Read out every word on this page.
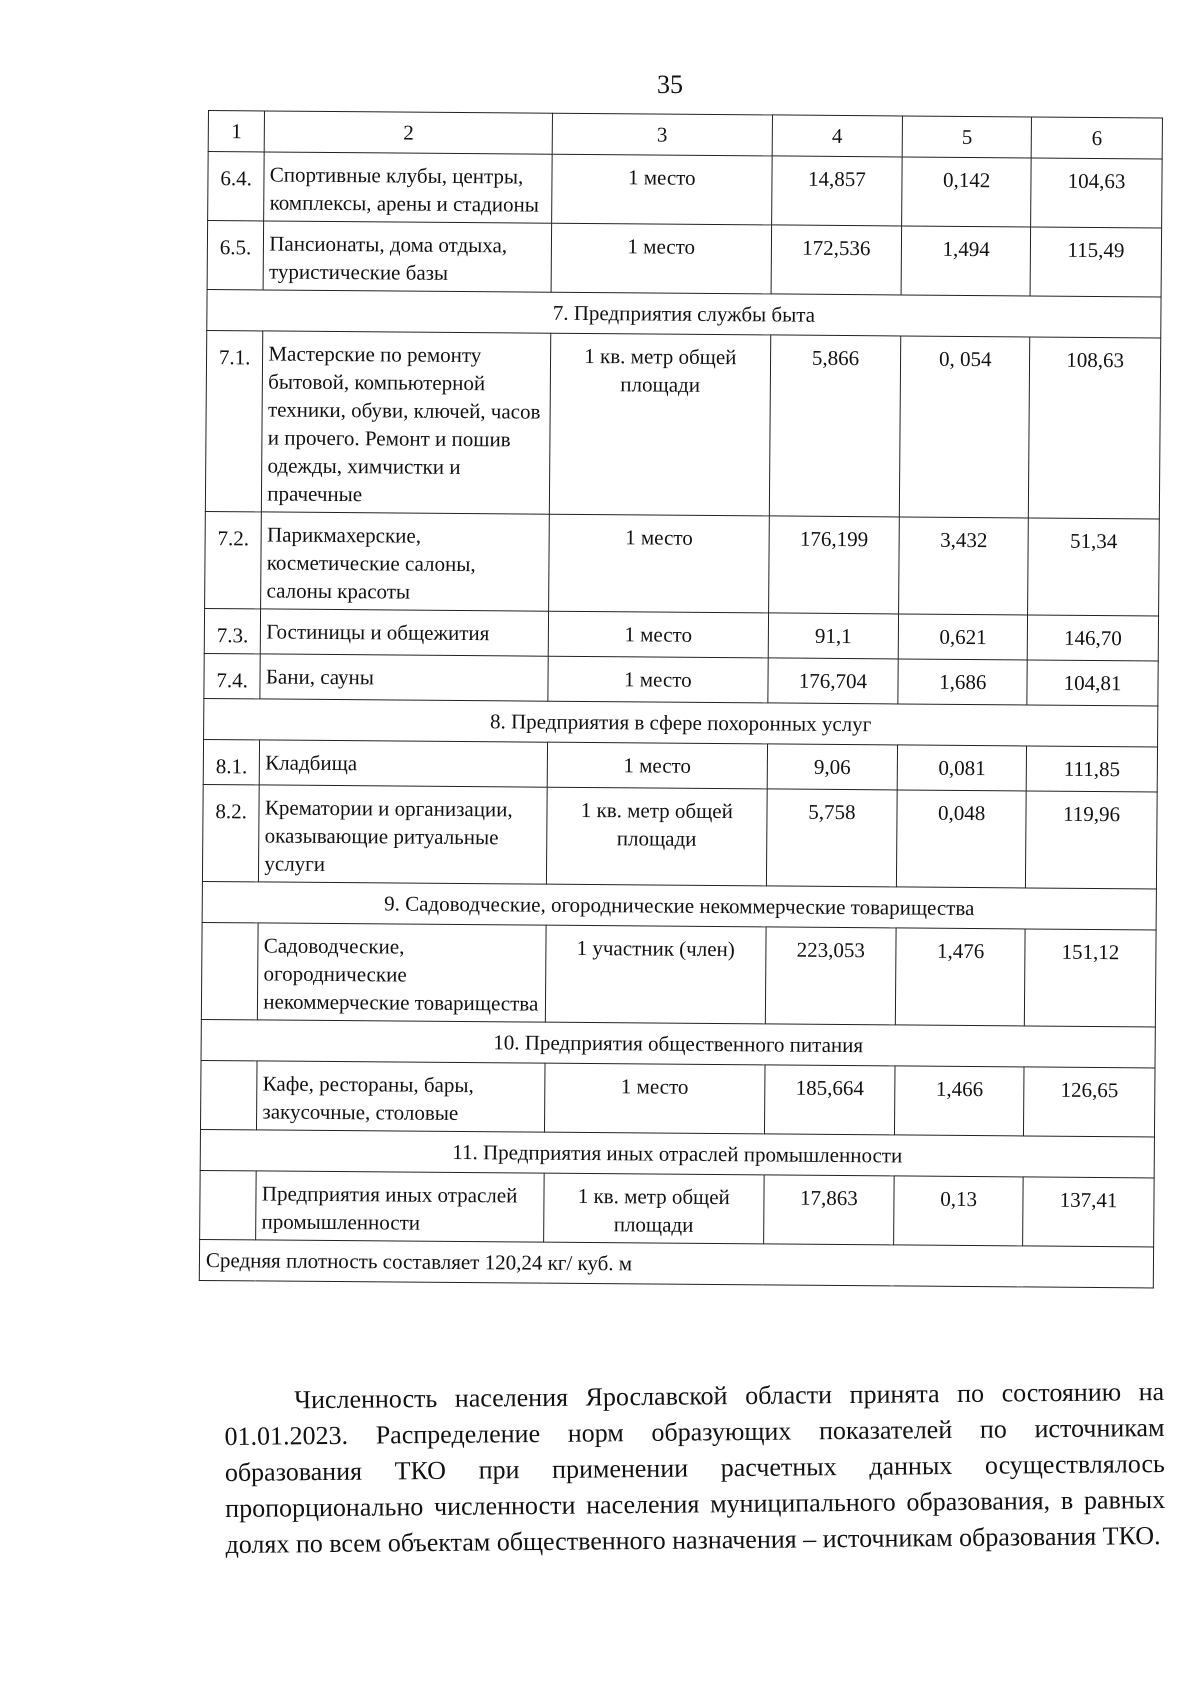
35
1	2	3	4	5	6
6.4.	Спортивные клубы, центры, комплексы, арены и стадионы	1 место	14,857	0,142	104,63
6.5.	Пансионаты, дома отдыха, туристические базы	1 место	172,536	1,494	115,49
7. Предприятия службы быта					
7.1.	Мастерские по ремонту бытовой, компьютерной техники, обуви, ключей, часов и прочего. Ремонт и пошив одежды, химчистки и прачечные	1 кв. метр общей площади	5,866	0, 054	108,63
7.2.	Парикмахерские, косметические салоны, салоны красоты	1 место	176,199	3,432	51,34
7.3.	Гостиницы и общежития	1 место	91,1	0,621	146,70
7.4.	Бани, сауны	1 место	176,704	1,686	104,81
8. Предприятия в сфере похоронных услуг					
8.1.	Кладбища	1 место	9,06	0,081	111,85
8.2.	Крематории и организации, оказывающие ритуальные услуги	1 кв. метр общей площади	5,758	0,048	119,96
9. Садоводческие, огороднические некоммерческие товарищества					
	Садоводческие, огороднические некоммерческие товарищества	1 участник (член)	223,053	1,476	151,12
10. Предприятия общественного питания					
	Кафе, рестораны, бары, закусочные, столовые	1 место	185,664	1,466	126,65
11. Предприятия иных отраслей промышленности					
	Предприятия иных отраслей промышленности	1 кв. метр общей площади	17,863	0,13	137,41
Средняя плотность составляет 120,24 кг/ куб. м					
Численность населения Ярославской области принята по состоянию на 01.01.2023. Распределение норм образующих показателей по источникам образования ТКО при применении расчетных данных осуществлялось пропорционально численности населения муниципального образования, в равных долях по всем объектам общественного назначения – источникам образования ТКО.
